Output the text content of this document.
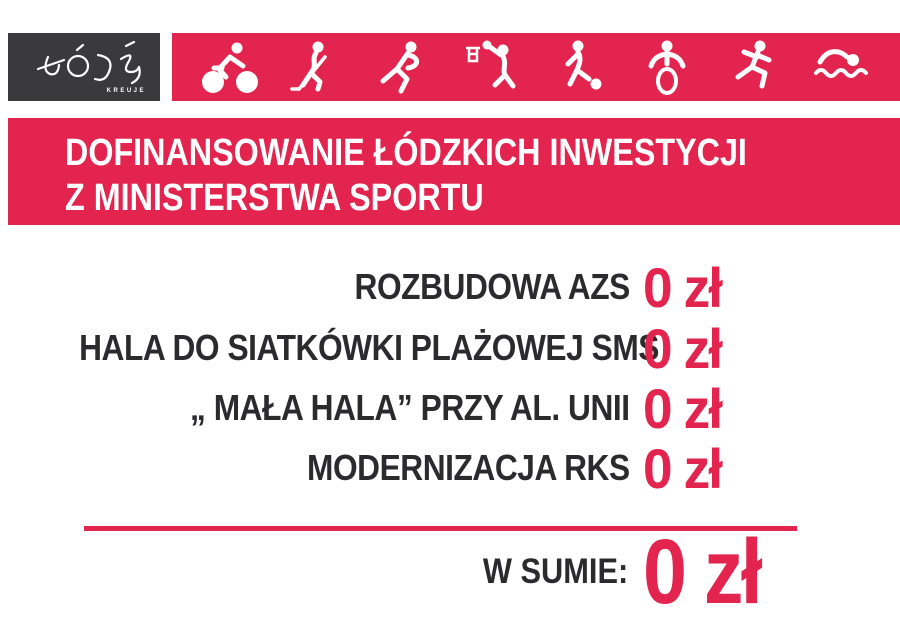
KREUJE
DOFINANSOWANIE ŁÓDZKICH INWESTYCJI
Z MINISTERSTWA SPORTU
ROZBUDOWA AZS 0 zł
HALA DO SIATKÓWKI PLAŻOWEJ SMS
0 zł
„ MAŁA HALA” PRZY AL. UNII 0 zł
MODERNIZACJA RKS 0 zł
W SUMIE: 0 zł
